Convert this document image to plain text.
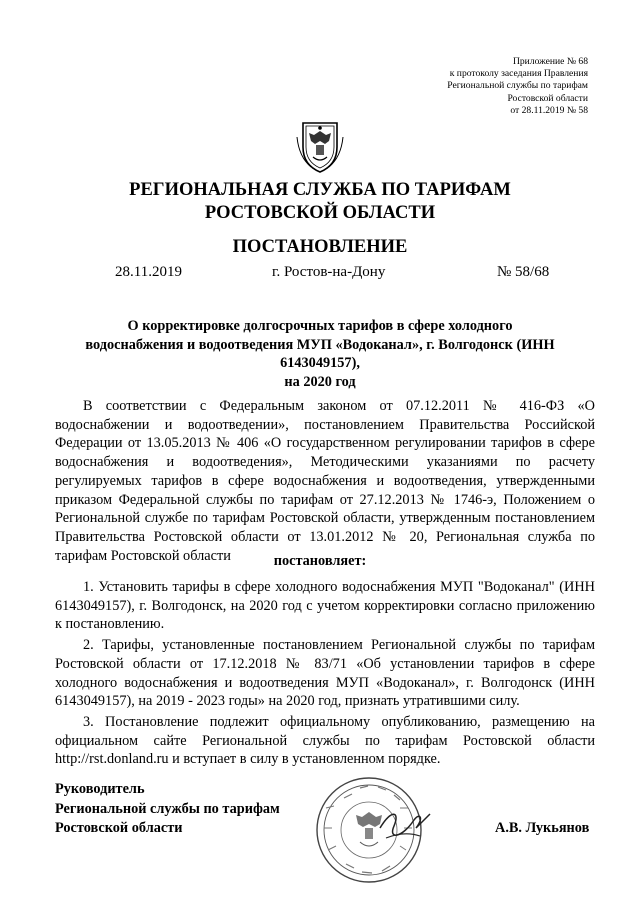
Приложение № 68
к протоколу заседания Правления
Региональной службы по тарифам
Ростовской области
от 28.11.2019 № 58
РЕГИОНАЛЬНАЯ СЛУЖБА ПО ТАРИФАМ
РОСТОВСКОЙ ОБЛАСТИ
ПОСТАНОВЛЕНИЕ
28.11.2019	г. Ростов-на-Дону	№ 58/68
О корректировке долгосрочных тарифов в сфере холодного
водоснабжения и водоотведения МУП «Водоканал», г. Волгодонск (ИНН
6143049157),
на 2020 год
В соответствии с Федеральным законом от 07.12.2011 № 416-ФЗ «О водоснабжении и водоотведении», постановлением Правительства Российской Федерации от 13.05.2013 № 406 «О государственном регулировании тарифов в сфере водоснабжения и водоотведения», Методическими указаниями по расчету регулируемых тарифов в сфере водоснабжения и водоотведения, утвержденными приказом Федеральной службы по тарифам от 27.12.2013 № 1746-э, Положением о Региональной службе по тарифам Ростовской области, утвержденным постановлением Правительства Ростовской области от 13.01.2012 № 20, Региональная служба по тарифам Ростовской области	постановляет:

1. Установить тарифы в сфере холодного водоснабжения МУП "Водоканал" (ИНН 6143049157), г. Волгодонск, на 2020 год с учетом корректировки согласно приложению к постановлению.

2. Тарифы, установленные постановлением Региональной службы по тарифам Ростовской области от 17.12.2018 № 83/71 «Об установлении тарифов в сфере холодного водоснабжения и водоотведения МУП «Водоканал», г. Волгодонск (ИНН 6143049157), на 2019 - 2023 годы» на 2020 год, признать утратившими силу.

3. Постановление подлежит официальному опубликованию, размещению на официальном сайте Региональной службы по тарифам Ростовской области http://rst.donland.ru и вступает в силу в установленном порядке.

Руководитель
Региональной службы по тарифам
Ростовской области	А.В. Лукьянов
